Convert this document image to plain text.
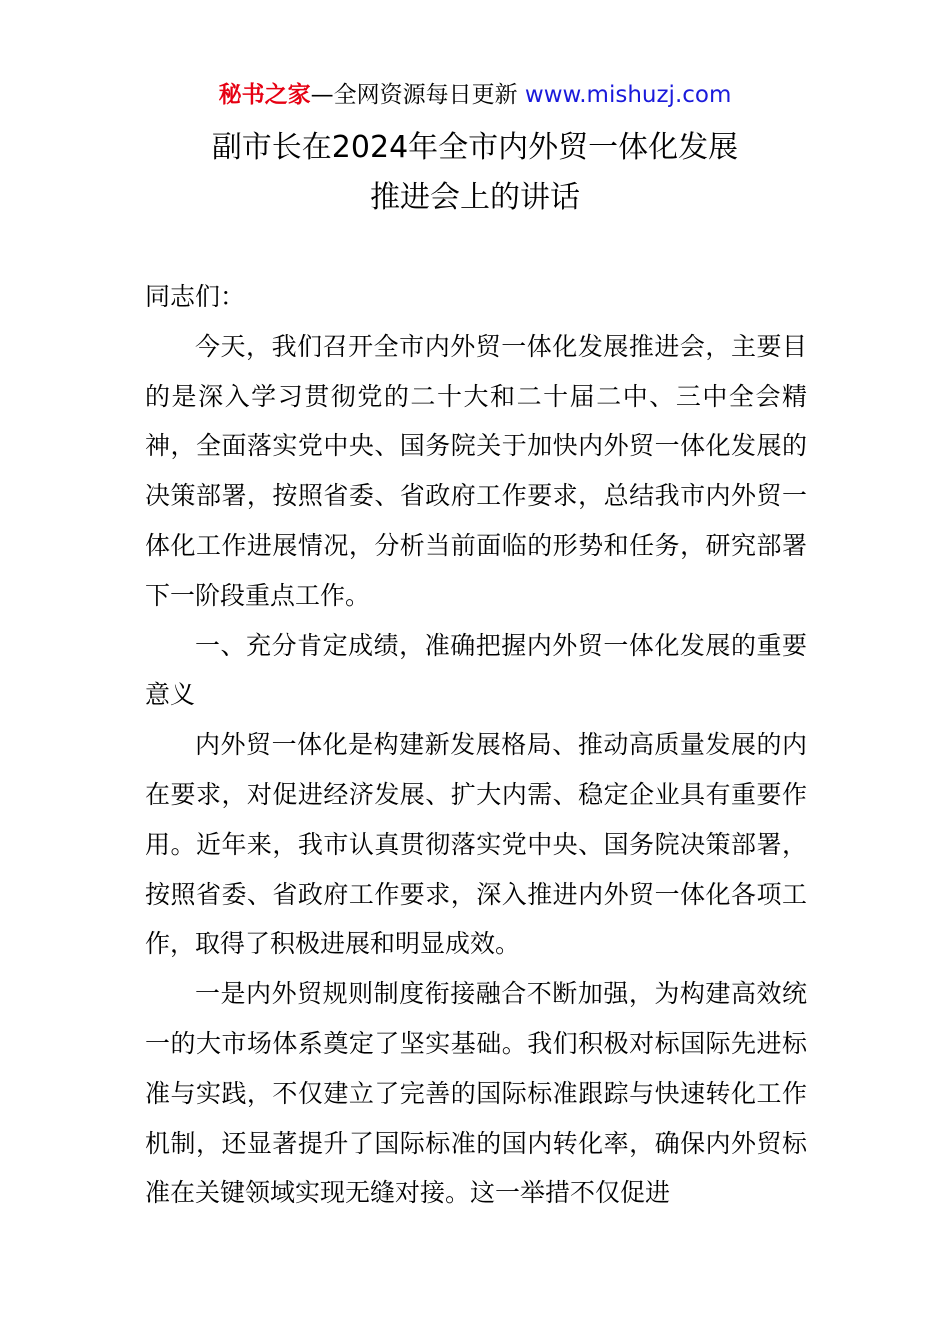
秘书之家—全网资源每日更新 www.mishuzj.com
副市长在2024年全市内外贸一体化发展
推进会上的讲话

同志们：

今天，我们召开全市内外贸一体化发展推进会，主要目的是深入学习贯彻党的二十大和二十届二中、三中全会精神，全面落实党中央、国务院关于加快内外贸一体化发展的决策部署，按照省委、省政府工作要求，总结我市内外贸一体化工作进展情况，分析当前面临的形势和任务，研究部署下一阶段重点工作。

一、充分肯定成绩，准确把握内外贸一体化发展的重要意义

内外贸一体化是构建新发展格局、推动高质量发展的内在要求，对促进经济发展、扩大内需、稳定企业具有重要作用。近年来，我市认真贯彻落实党中央、国务院决策部署，按照省委、省政府工作要求，深入推进内外贸一体化各项工作，取得了积极进展和明显成效。

一是内外贸规则制度衔接融合不断加强，为构建高效统一的大市场体系奠定了坚实基础。我们积极对标国际先进标准与实践，不仅建立了完善的国际标准跟踪与快速转化工作机制，还显著提升了国际标准的国内转化率，确保内外贸标准在关键领域实现无缝对接。这一举措不仅促进
